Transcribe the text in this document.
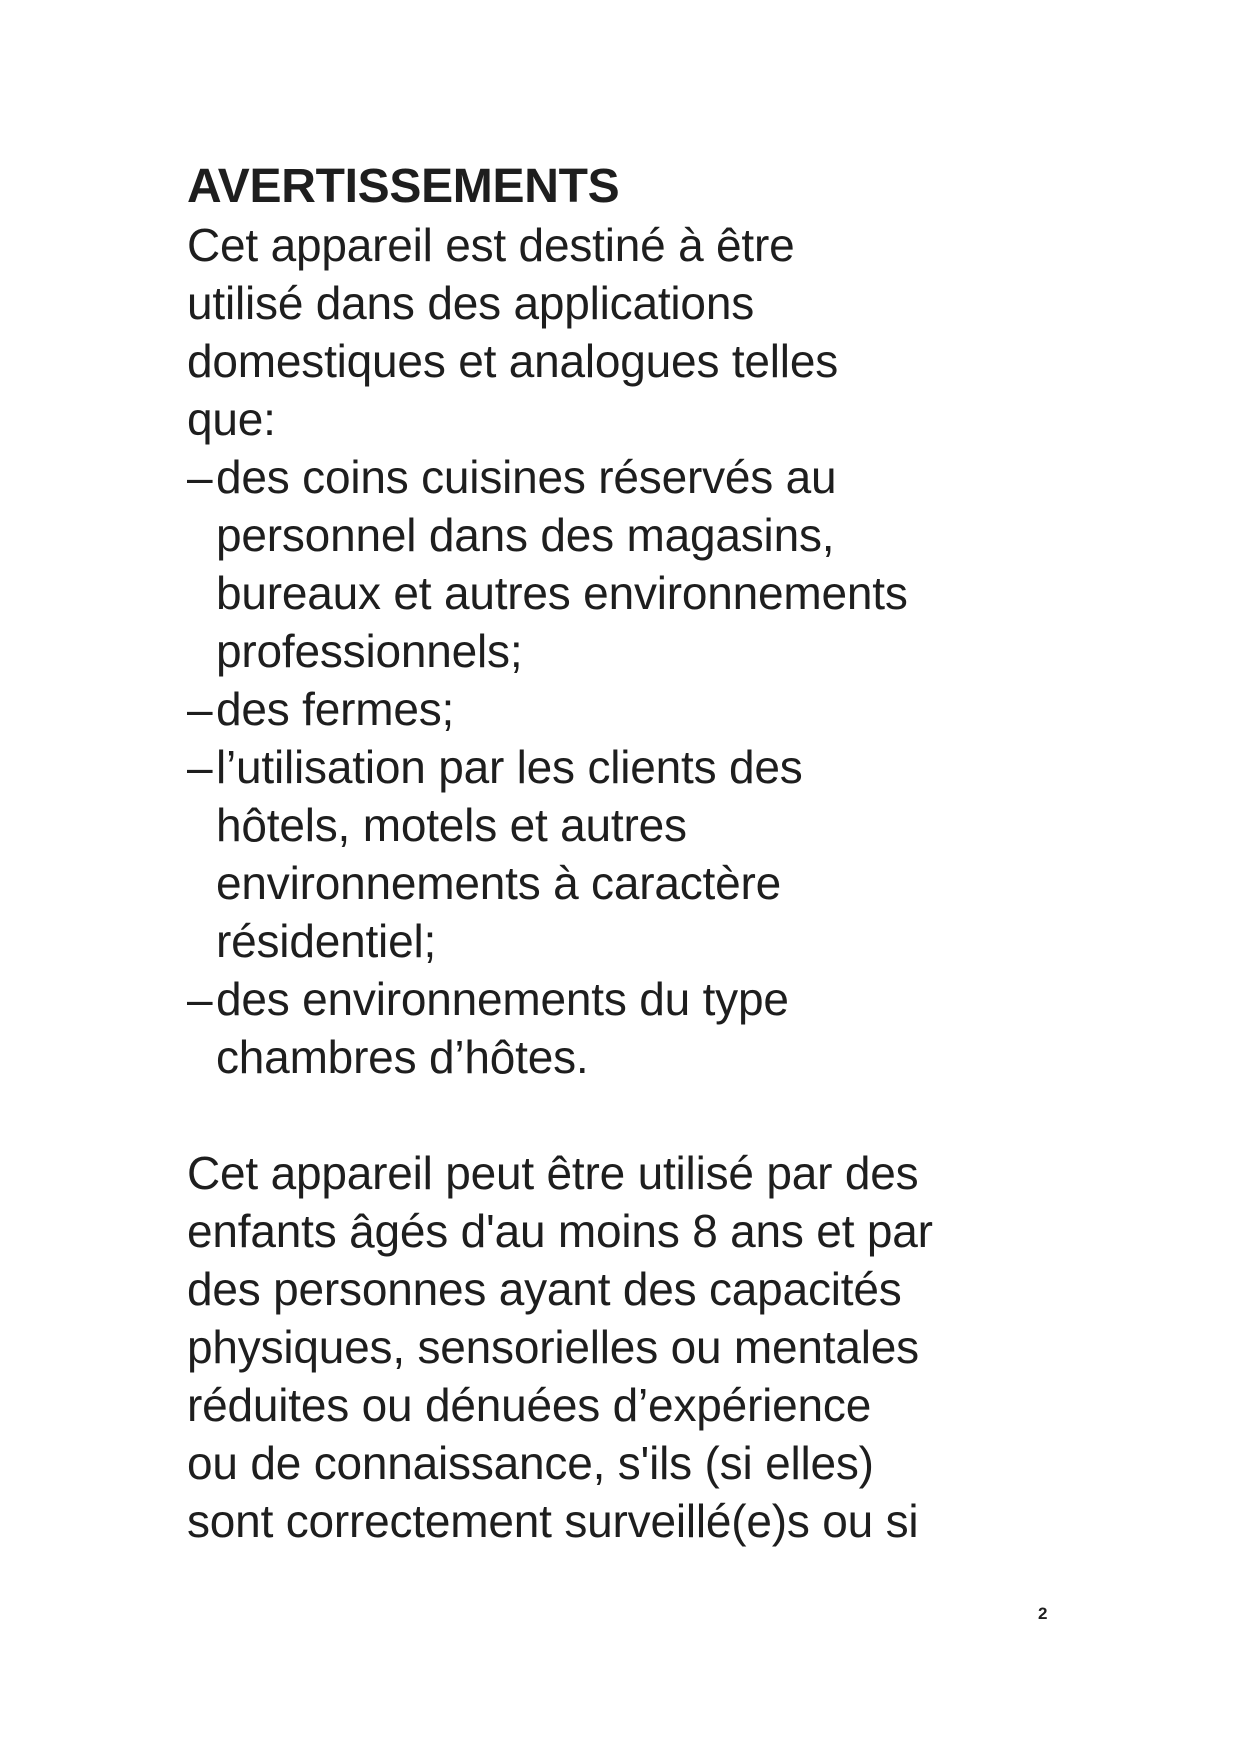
AVERTISSEMENTS
Cet appareil est destiné à être
utilisé dans des applications
domestiques et analogues telles
que:
– des coins cuisines réservés au
personnel dans des magasins,
bureaux et autres environnements
professionnels;
– des fermes;
– l’utilisation par les clients des
hôtels, motels et autres
environnements à caractère
résidentiel;
– des environnements du type
chambres d’hôtes.
Cet appareil peut être utilisé par des
enfants âgés d'au moins 8 ans et par
des personnes ayant des capacités
physiques, sensorielles ou mentales
réduites ou dénuées d’expérience
ou de connaissance, s'ils (si elles)
sont correctement surveillé(e)s ou si
2
